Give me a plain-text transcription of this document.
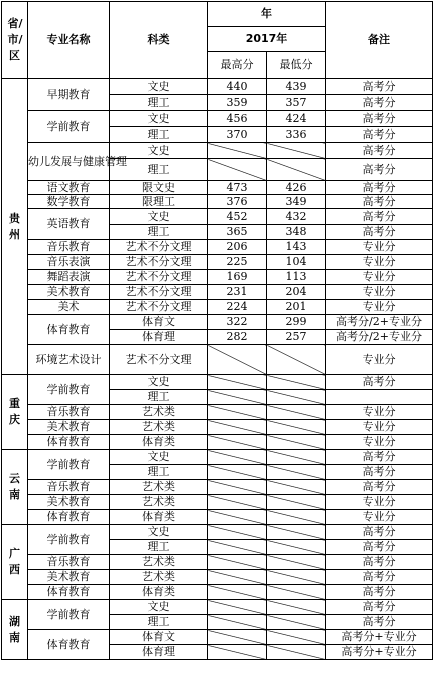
省/市/区	专业名称	科类	年		备注
			2017年		
			最高分	最低分	
贵州	早期教育	文史	440	439	高考分
		理工	359	357	高考分
	学前教育	文史	456	424	高考分
		理工	370	336	高考分
	幼儿发展与健康管理	文史			高考分
		理工			高考分
	语文教育	限文史	473	426	高考分
	数学教育	限理工	376	349	高考分
	英语教育	文史	452	432	高考分
		理工	365	348	高考分
	音乐教育	艺术不分文理	206	143	专业分
	音乐表演	艺术不分文理	225	104	专业分
	舞蹈表演	艺术不分文理	169	113	专业分
	美术教育	艺术不分文理	231	204	专业分
	美术	艺术不分文理	224	201	专业分
	体育教育	体育文	322	299	高考分/2+专业分
		体育理	282	257	高考分/2+专业分
	环境艺术设计	艺术不分文理			专业分
重庆	学前教育	文史			高考分
		理工			
	音乐教育	艺术类			专业分
	美术教育	艺术类			专业分
	体育教育	体育类			专业分
云南	学前教育	文史			高考分
		理工			高考分
	音乐教育	艺术类			高考分
	美术教育	艺术类			专业分
	体育教育	体育类			专业分
广西	学前教育	文史			高考分
		理工			高考分
	音乐教育	艺术类			高考分
	美术教育	艺术类			高考分
	体育教育	体育类			高考分
湖南	学前教育	文史			高考分
		理工			高考分
	体育教育	体育文			高考分+专业分
		体育理			高考分+专业分
